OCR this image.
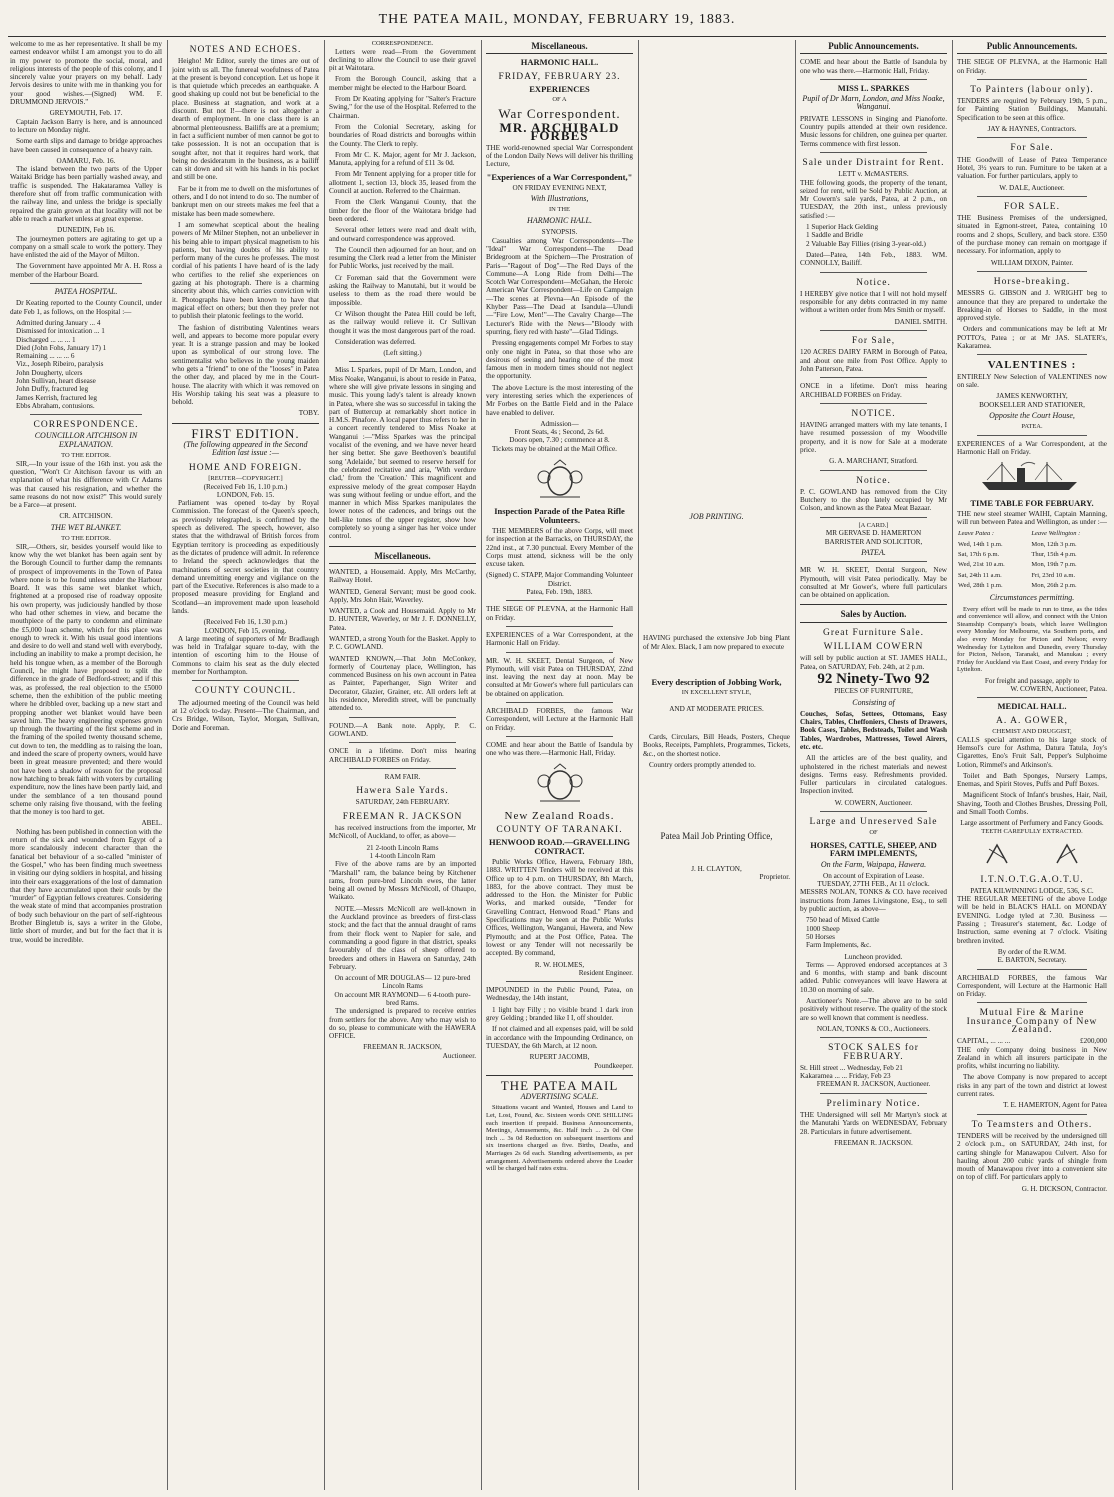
THE PATEA MAIL, MONDAY, FEBRUARY 19, 1883.

welcome to me as her representative. It shall be my earnest endeavor whilst I am amongst you to do all in my power to promote the social, moral, and religious interests of the people of this colony, and I sincerely value your prayers on my behalf. Lady Jervois desires to unite with me in thanking you for your good wishes.—(Signed) WM. F. DRUMMOND JERVOIS."

GREYMOUTH, Feb. 17.

Captain Jackson Barry is here, and is announced to lecture on Monday night.

Some earth slips and damage to bridge approaches have been caused in consequence of a heavy rain.

OAMARU, Feb. 16.

The island between the two parts of the Upper Waitaki Bridge has been partially washed away, and traffic is suspended. The Hakataramea Valley is therefore shut off from traffic communication with the railway line, and unless the bridge is specially repaired the grain grown at that locality will not be able to reach a market unless at great expense.

DUNEDIN, Feb 16.

The journeymen potters are agitating to get up a company on a small scale to work the pottery. They have enlisted the aid of the Mayor of Milton.

The Government have appointed Mr A. H. Ross a member of the Harbour Board.

PATEA HOSPITAL.

Dr Keating reported to the County Council, under date Feb 1, as follows, on the Hospital :—

Admitted during January ... 4
Dismissed for intoxication ... 1
Discharged ... ... ... 1
Died (John Fohs, January 17) 1
Remaining ... ... ... 6
Viz., Joseph Ribeiro, paralysis
John Dougherty, ulcers
John Sullivan, heart disease
John Duffy, fractured leg
James Kerrish, fractured leg
Ebbs Abraham, contusions.
CORRESPONDENCE.
COUNCILLOR AITCHISON IN EXPLANATION.
TO THE EDITOR.

SIR,—In your issue of the 16th inst. you ask the question, "Won't Cr Aitchison favour us with an explanation of what his difference with Cr Adams was that caused his resignation, and whether the same reasons do not now exist?" This would surely be a Farce—at present.

CR. AITCHISON.
THE WET BLANKET.
TO THE EDITOR.

SIR,—Others, sir, besides yourself would like to know why the wet blanket has been again sent by the Borough Council to further damp the remnants of prospect of improvements in the Town of Patea where none is to be found unless under the Harbour Board. It was this same wet blanket which, frightened at a proposed rise of roadway opposite his own property, was judiciously handled by those who had other schemes in view, and became the mouthpiece of the party to condemn and eliminate the £5,000 loan scheme, which for this place was enough to wreck it. With his usual good intentions and desire to do well and stand well with everybody, including an inability to make a prompt decision, he held his tongue when, as a member of the Borough Council, he might have proposed to split the difference in the grade of Bedford-street; and if this was, as professed, the real objection to the £5000 scheme, then the exhibition of the public meeting where he dribbled over, backing up a new start and propping another wet blanket would have been saved him. The heavy engineering expenses grown up through the thwarting of the first scheme and in the framing of the spoiled twenty thousand scheme, cut down to ten, the meddling as to raising the loan, and indeed the scare of property owners, would have been in great measure prevented; and there would not have been a shadow of reason for the proposal now hatching to break faith with voters by curtailing expenditure, now the lines have been partly laid, and under the semblance of a ten thousand pound scheme only raising five thousand, with the feeling that the money is too hard to get.

ABEL.

Nothing has been published in connection with the return of the sick and wounded from Egypt of a more scandalously indecent character than the fanatical bet behaviour of a so-called "minister of the Gospel," who has been finding much sweetness in visiting our dying soldiers in hospital, and hissing into their ears exaggerations of the lost of damnation that they have accumulated upon their souls by the "murder" of Egyptian fellows creatures. Considering the weak state of mind that accompanies prostration of body such behaviour on the part of self-righteous Brother Bingletub is, says a writer in the Globe, little short of murder, and but for the fact that it is true, would be incredible.

NOTES AND ECHOES.

Heigho! Mr Editor, surely the times are out of joint with us all. The funereal woefulness of Patea at the present is beyond conception. Let us hope it is that quietude which precedes an earthquake. A good shaking up could not but be beneficial to the place. Business at stagnation, and work at a discount. But not I!—there is not altogether a dearth of employment. In one class there is an abnormal plenteousness. Bailiffs are at a premium; in fact a sufficient number of men cannot be got to take possession. It is not an occupation that is sought after, not that it requires hard work, that being no desideratum in the business, as a bailiff can sit down and sit with his hands in his pocket and still be one.

Far be it from me to dwell on the misfortunes of others, and I do not intend to do so. The number of bankrupt men on our streets makes me feel that a mistake has been made somewhere.

I am somewhat sceptical about the healing powers of Mr Milner Stephen, not an unbeliever in his being able to impart physical magnetism to his patients, but having doubts of his ability to perform many of the cures he professes. The most cordial of his patients I have heard of is the lady who certifies to the relief she experiences on gazing at his photograph. There is a charming sincerity about this, which carries conviction with it. Photographs have been known to have that magical effect on others; but then they prefer not to publish their platonic feelings to the world.

The fashion of distributing Valentines wears well, and appears to become more popular every year. It is a strange passion and may be looked upon as symbolical of our strong love. The sentimentalist who believes in the young maiden who gets a "friend" to one of the "looses" in Patea the other day, and placed by me in the Court-house. The alacrity with which it was removed on His Worship taking his seat was a pleasure to behold.

TOBY.
FIRST EDITION.
(The following appeared in the Second Edition last issue :—
HOME AND FOREIGN.
[REUTER—COPYRIGHT.]
(Received Feb 16, 1.10 p.m.)
LONDON, Feb. 15.

Parliament was opened to-day by Royal Commission. The forecast of the Queen's speech, as previously telegraphed, is confirmed by the speech as delivered. The speech, however, also states that the withdrawal of British forces from Egyptian territory is proceeding as expeditiously as the dictates of prudence will admit. In reference to Ireland the speech acknowledges that the machinations of secret societies in that country demand unremitting energy and vigilance on the part of the Executive. References is also made to a proposed measure providing for England and Scotland—an improvement made upon leasehold lands.

(Received Feb 16, 1.30 p.m.)
LONDON, Feb 15, evening.

A large meeting of supporters of Mr Bradlaugh was held in Trafalgar square to-day, with the intention of escorting him to the House of Commons to claim his seat as the duly elected member for Northampton.

COUNTY COUNCIL.

The adjourned meeting of the Council was held at 12 o'clock to-day. Present—The Chairman, and Crs Bridge, Wilson, Taylor, Morgan, Sullivan, Dorie and Foreman.

CORRESPONDENCE.

Letters were read—From the Government declining to allow the Council to use their gravel pit at Waitotara.

From the Borough Council, asking that a member might be elected to the Harbour Board.

From Dr Keating applying for "Salter's Fracture Swing," for the use of the Hospital. Referred to the Chairman.

From the Colonial Secretary, asking for boundaries of Road districts and boroughs within the County. The Clerk to reply.

From Mr C. K. Major, agent for Mr J. Jackson, Manuta, applying for a refund of £11 3s 0d.

From Mr Tennent applying for a proper title for allotment 1, section 13, block 35, leased from the Council at auction. Referred to the Chairman.

From the Clerk Wanganui County, that the timber for the floor of the Waitotara bridge had been ordered.

Several other letters were read and dealt with, and outward correspondence was approved.

The Council then adjourned for an hour, and on resuming the Clerk read a letter from the Minister for Public Works, just received by the mail.

Cr Foreman said that the Government were asking the Railway to Manutahi, but it would be useless to them as the road there would be impossible.

Cr Wilson thought the Patea Hill could be left, as the railway would relieve it. Cr Sullivan thought it was the most dangerous part of the road.

Consideration was deferred.

(Left sitting.)

Miss L Sparkes, pupil of Dr Marn, London, and Miss Noake, Wanganui, is about to reside in Patea, where she will give private lessons in singing and music. This young lady's talent is already known in Patea, where she was so successful in taking the part of Buttercup at remarkably short notice in H.M.S. Pinafore. A local paper thus refers to her in a concert recently tendered to Miss Noake at Wanganui :—"Miss Sparkes was the principal vocalist of the evening, and we have never heard her sing better. She gave Beethoven's beautiful song 'Adelaide,' but seemed to reserve herself for the celebrated recitative and aria, 'With verdure clad,' from the 'Creation.' This magnificent and expressive melody of the great composer Haydn was sung without feeling or undue effort, and the manner in which Miss Sparkes manipulates the lower notes of the cadences, and brings out the bell-like tones of the upper register, show how completely so young a singer has her voice under control.

Miscellaneous.

WANTED, a Housemaid. Apply, Mrs McCarthy, Railway Hotel.

WANTED, General Servant; must be good cook. Apply, Mrs John Hair, Waverley.

WANTED, a Cook and Housemaid. Apply to Mr D. HUNTER, Waverley, or Mr J. F. DONNELLY, Patea.

WANTED, a strong Youth for the Basket. Apply to P. C. GOWLAND.

WANTED KNOWN,—That John McConkey, formerly of Courtenay place, Wellington, has commenced Business on his own account in Patea as Painter, Paperhanger, Sign Writer and Decorator, Glazier, Grainer, etc. All orders left at his residence, Meredith street, will be punctually attended to.

FOUND.—A Bank note. Apply, P. C. GOWLAND.

ONCE in a lifetime. Don't miss hearing ARCHIBALD FORBES on Friday.

RAM FAIR.
Hawera Sale Yards.
SATURDAY, 24th FEBRUARY.
FREEMAN R. JACKSON

has received instructions from the importer, Mr McNicoll, of Auckland, to offer, as above—

21 2-tooth Lincoln Rams
1 4-tooth Lincoln Ram

Five of the above rams are by an imported "Marshall" ram, the balance being by Kitchener rams, from pure-bred Lincoln ewes, the latter being all owned by Messrs McNicoll, of Ohaupo, Waikato.

NOTE.—Messrs McNicoll are well-known in the Auckland province as breeders of first-class stock; and the fact that the annual draught of rams from their flock went to Napier for sale, and commanding a good figure in that district, speaks favourably of the class of sheep offered to breeders and others in Hawera on Saturday, 24th February.

On account of MR DOUGLAS— 12 pure-bred Lincoln Rams
On account MR RAYMOND— 6 4-tooth pure-bred Rams.

The undersigned is prepared to receive entries from settlers for the above. Any who may wish to do so, please to communicate with the HAWERA OFFICE.

FREEMAN R. JACKSON,
Auctioneer.
Miscellaneous.
HARMONIC HALL.
FRIDAY, FEBRUARY 23.
EXPERIENCES
OF A
War Correspondent.
MR. ARCHIBALD FORBES

THE world-renowned special War Correspondent of the London Daily News will deliver his thrilling Lecture,

"Experiences of a War Correspondent,"
ON FRIDAY EVENING NEXT,
With Illustrations,
IN THE
HARMONIC HALL.
SYNOPSIS.

Casualties among War Correspondents—The "Ideal" War Correspondent—The Dead Bridegroom at the Spichern—The Prostration of Paris—"Ragout of Dog"—The Red Days of the Commune—A Long Ride from Delhi—The Scotch War Correspondent—McGahan, the Heroic American War Correspondent—Life on Campaign—The scenes at Plevna—An Episode of the Khyber Pass—The Dead at Isandula—Ulundi—"Fire Low, Men!"—The Cavalry Charge—The Lecturer's Ride with the News—"Bloody with spurring, fiery red with haste"—Glad Tidings.

Pressing engagements compel Mr Forbes to stay only one night in Patea, so that those who are desirous of seeing and hearing one of the most famous men in modern times should not neglect the opportunity.

The above Lecture is the most interesting of the very interesting series which the experiences of Mr Forbes on the Battle Field and in the Palace have enabled to deliver.

Admission—
Front Seats, 4s ; Second, 2s 6d.
Doors open, 7.30 ; commence at 8.

Tickets may be obtained at the Mail Office.

Inspection Parade of the Patea Rifle Volunteers.

THE MEMBERS of the above Corps, will meet for inspection at the Barracks, on THURSDAY, the 22nd inst., at 7.30 punctual. Every Member of the Corps must attend, sickness will be the only excuse taken.

(Signed) C. STAPP, Major Commanding Volunteer District.
Patea, Feb. 19th, 1883.

THE SIEGE OF PLEVNA, at the Harmonic Hall on Friday.

EXPERIENCES of a War Correspondent, at the Harmonic Hall on Friday.

MR. W. H. SKEET, Dental Surgeon, of New Plymouth, will visit Patea on THURSDAY, 22nd inst. leaving the next day at noon. May be consulted at Mr Gower's where full particulars can be obtained on application.

ARCHIBALD FORBES, the famous War Correspondent, will Lecture at the Harmonic Hall on Friday.

COME and hear about the Battle of Isandula by one who was there.—Harmonic Hall, Friday.

New Zealand Roads.
COUNTY OF TARANAKI.
HENWOOD ROAD.—GRAVELLING CONTRACT.

Public Works Office, Hawera, February 18th, 1883. WRITTEN Tenders will be received at this Office up to 4 p.m. on THURSDAY, 8th March, 1883, for the above contract. They must be addressed to the Hon. the Minister for Public Works, and marked outside, "Tender for Gravelling Contract, Henwood Road." Plans and Specifications may be seen at the Public Works Offices, Wellington, Wanganui, Hawera, and New Plymouth; and at the Post Office, Patea. The lowest or any Tender will not necessarily be accepted. By command,

R. W. HOLMES,
Resident Engineer.

IMPOUNDED in the Public Pound, Patea, on Wednesday, the 14th instant,

1 light bay Filly ; no visible brand 1 dark iron grey Gelding ; branded like I I, off shoulder.

If not claimed and all expenses paid, will be sold in accordance with the Impounding Ordinance, on TUESDAY, the 6th March, at 12 noon.

RUPERT JACOMB,
Poundkeeper.
THE PATEA MAIL
ADVERTISING SCALE.

Situations vacant and Wanted, Houses and Land to Let, Lost, Found, &c. Sixteen words ONE SHILLING each insertion if prepaid. Business Announcements, Meetings, Amusements, &c. Half inch ... 2s 0d One inch ... 3s 0d Reduction on subsequent insertions and six insertions charged as five. Births, Deaths, and Marriages 2s 6d each. Standing advertisements, as per arrangement. Advertisements ordered above the Loader will be charged half rates extra.

JOB PRINTING.

HAVING purchased the extensive Job bing Plant of Mr Alex. Black, I am now prepared to execute

Every description of Jobbing Work,
IN EXCELLENT STYLE,
AND AT MODERATE PRICES.

Cards, Circulars, Bill Heads, Posters, Cheque Books, Receipts, Pamphlets, Programmes, Tickets, &c., on the shortest notice.

Country orders promptly attended to.

Patea Mail Job Printing Office,
J. H. CLAYTON,
Proprietor.
Public Announcements.

COME and hear about the Battle of Isandula by one who was there.—Harmonic Hall, Friday.

MISS L. SPARKES
Pupil of Dr Marn, London, and Miss Noake, Wanganui.

PRIVATE LESSONS in Singing and Pianoforte. Country pupils attended at their own residence. Music lessons for children, one guinea per quarter. Terms commence with first lesson.

Sale under Distraint for Rent.
LETT v. McMASTERS.

THE following goods, the property of the tenant, seized for rent, will be Sold by Public Auction, at Mr Cowern's sale yards, Patea, at 2 p.m., on TUESDAY, the 20th inst., unless previously satisfied :—

1 Superior Hack Gelding
1 Saddle and Bridle
2 Valuable Bay Fillies (rising 3-year-old.)

Dated—Patea, 14th Feb., 1883. WM. CONNOLLY, Bailiff.

Notice.

I HEREBY give notice that I will not hold myself responsible for any debts contracted in my name without a written order from Mrs Smith or myself.

DANIEL SMITH.
For Sale,

120 ACRES DAIRY FARM in Borough of Patea, and about one mile from Post Office. Apply to John Patterson, Patea.

ONCE in a lifetime. Don't miss hearing ARCHIBALD FORBES on Friday.

NOTICE.

HAVING arranged matters with my late tenants, I have resumed possession of my Woodville property, and it is now for Sale at a moderate price.

G. A. MARCHANT, Stratford.
Notice.

P. C. GOWLAND has removed from the City Butchery to the shop lately occupied by Mr Colson, and known as the Patea Meat Bazaar.

[A CARD.]
MR GERVASE D. HAMERTON
BARRISTER AND SOLICITOR,
PATEA.

MR W. H. SKEET, Dental Surgeon, New Plymouth, will visit Patea periodically. May be consulted at Mr Gower's, where full particulars can be obtained on application.

Sales by Auction.
Great Furniture Sale.
WILLIAM COWERN

will sell by public auction at ST. JAMES HALL, Patea, on SATURDAY, Feb. 24th, at 2 p.m.

92 Ninety-Two 92
PIECES OF FURNITURE,
Consisting of

Couches, Sofas, Settees, Ottomans, Easy Chairs, Tables, Cheffoniers, Chests of Drawers, Book Cases, Tables, Bedsteads, Toilet and Wash Tables, Wardrobes, Mattresses, Towel Airers, etc. etc.

All the articles are of the best quality, and upholstered in the richest materials and newest designs. Terms easy. Refreshments provided. Fuller particulars in circulated catalogues. Inspection invited.

W. COWERN, Auctioneer.
Large and Unreserved Sale
OF
HORSES, CATTLE, SHEEP, AND FARM IMPLEMENTS,
On the Farm, Waipapa, Hawera.
On account of Expiration of Lease.
TUESDAY, 27TH FEB., At 11 o'clock.

MESSRS NOLAN, TONKS & CO. have received instructions from James Livingstone, Esq., to sell by public auction, as above—

750 head of Mixed Cattle
1000 Sheep
50 Horses
Farm Implements, &c.
Luncheon provided.

Terms — Approved endorsed acceptances at 3 and 6 months, with stamp and bank discount added. Public conveyances will leave Hawera at 10.30 on morning of sale.

Auctioneer's Note.—The above are to be sold positively without reserve. The quality of the stock are so well known that comment is needless.

NOLAN, TONKS & CO., Auctioneers.
STOCK SALES for FEBRUARY.
St. Hill street ... Wednesday, Feb 21
Kakaramea ... ... Friday, Feb 23
FREEMAN R. JACKSON, Auctioneer.
Preliminary Notice.

THE Undersigned will sell Mr Martyn's stock at the Manutahi Yards on WEDNESDAY, February 28. Particulars in future advertisement.

FREEMAN R. JACKSON.
Public Announcements.

THE SIEGE OF PLEVNA, at the Harmonic Hall on Friday.

To Painters (labour only).

TENDERS are required by February 19th, 5 p.m., for Painting Station Buildings, Manutahi. Specification to be seen at this office.

JAY & HAYNES, Contractors.
For Sale.

THE Goodwill of Lease of Patea Temperance Hotel, 3½ years to run. Furniture to be taken at a valuation. For further particulars, apply to

W. DALE, Auctioneer.
FOR SALE.

THE Business Premises of the undersigned, situated in Egmont-street, Patea, containing 10 rooms and 2 shops, Scullery, and back store. £350 of the purchase money can remain on mortgage if necessary. For information, apply to

WILLIAM DIXON, Painter.
Horse-breaking.

MESSRS G. GIBSON and J. WRIGHT beg to announce that they are prepared to undertake the Breaking-in of Horses to Saddle, in the most approved style.

Orders and communications may be left at Mr POTTO's, Patea ; or at Mr JAS. SLATER's, Kakaramea.

VALENTINES :

ENTIRELY New Selection of VALENTINES now on sale.

JAMES KENWORTHY,
BOOKSELLER AND STATIONER,
Opposite the Court House,
PATEA.

EXPERIENCES of a War Correspondent, at the Harmonic Hall on Friday.

TIME TABLE FOR FEBRUARY.

THE new steel steamer WAIHI, Captain Manning, will run between Patea and Wellington, as under :—

Leave Patea :	Leave Wellington :
Wed, 14th 1 p.m.	Mon, 12th 3 p.m.
Sat, 17th 6 p.m.	Thur, 15th 4 p.m.
Wed, 21st 10 a.m.	Mon, 19th 7 p.m.
Sat, 24th 11 a.m.	Fri, 23rd 10 a.m.
Wed, 28th 1 p.m.	Mon, 26th 2 p.m.
Circumstances permitting.

Every effort will be made to run to time, as the tides and convenience will allow, and connect with the Union Steamship Company's boats, which leave Wellington every Monday for Melbourne, via Southern ports, and also every Monday for Picton and Nelson; every Wednesday for Lyttelton and Dunedin, every Thursday for Picton, Nelson, Taranaki, and Manukau ; every Friday for Auckland via East Coast, and every Friday for Lyttelton.

For freight and passage, apply to
W. COWERN, Auctioneer, Patea.
MEDICAL HALL.
A. A. GOWER,
CHEMIST AND DRUGGIST,

CALLS special attention to his large stock of Hemsol's cure for Asthma, Datura Tatula, Joy's Cigarettes, Eno's Fruit Salt, Pepper's Sulphoime Lotion, Rimmel's and Atkinson's.

Toilet and Bath Sponges, Nursery Lamps, Enemas, and Spirit Stoves, Puffs and Puff Boxes.

Magnificent Stock of Infant's brushes, Hair, Nail, Shaving, Tooth and Clothes Brushes, Dressing Poll, and Small Tooth Combs.

Large assortment of Perfumery and Fancy Goods.
TEETH CAREFULLY EXTRACTED.
I.T.N.O.T.G.A.O.T.U.
PATEA KILWINNING LODGE, 536, S.C.

THE REGULAR MEETING of the above Lodge will be held in BLACK'S HALL on MONDAY EVENING. Lodge tyled at 7.30. Business — Passing ; Treasurer's statement, &c. Lodge of Instruction, same evening at 7 o'clock. Visiting brethren invited.

By order of the R.W.M.
E. BARTON, Secretary.

ARCHIBALD FORBES, the famous War Correspondent, will Lecture at the Harmonic Hall on Friday.

Mutual Fire & Marine Insurance Company of New Zealand.
CAPITAL, ... ... ...	£200,000

THE only Company doing business in New Zealand in which all insurers participate in the profits, whilst incurring no liability.

The above Company is now prepared to accept risks in any part of the town and district at lowest current rates.

T. E. HAMERTON, Agent for Patea
To Teamsters and Others.

TENDERS will be received by the undersigned till 2 o'clock p.m., on SATURDAY, 24th inst, for carting shingle for Manawapou Culvert. Also for hauling about 200 cubic yards of shingle from mouth of Manawapou river into a convenient site on top of cliff. For particulars apply to

G. H. DICKSON, Contractor.
